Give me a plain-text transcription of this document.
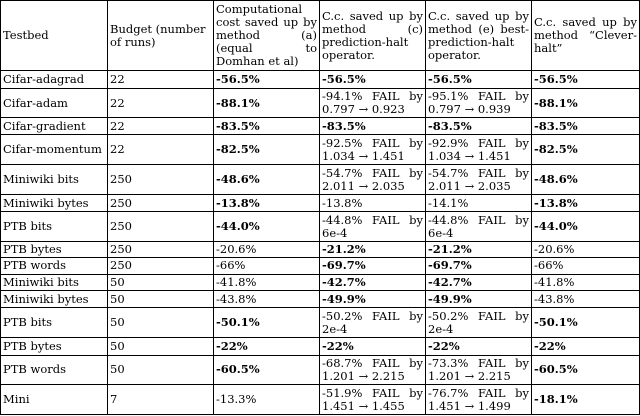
Testbed	Budget (number of runs)	Computational cost saved up by method (a) (equal to Domhan et al)	C.c. saved up by method (c) prediction-halt operator.	C.c. saved up by method (e) best-prediction-halt operator.	C.c. saved up by method “Clever-halt”
Cifar-adagrad	22	-56.5%	-56.5%	-56.5%	-56.5%
Cifar-adam	22	-88.1%	-94.1% FAIL by 0.797 → 0.923	-95.1% FAIL by 0.797 → 0.939	-88.1%
Cifar-gradient	22	-83.5%	-83.5%	-83.5%	-83.5%
Cifar-momentum	22	-82.5%	-92.5% FAIL by 1.034 → 1.451	-92.9% FAIL by 1.034 → 1.451	-82.5%
Miniwiki bits	250	-48.6%	-54.7% FAIL by 2.011 → 2.035	-54.7% FAIL by 2.011 → 2.035	-48.6%
Miniwiki bytes	250	-13.8%	-13.8%	-14.1%	-13.8%
PTB bits	250	-44.0%	-44.8% FAIL by 6e-4	-44.8% FAIL by 6e-4	-44.0%
PTB bytes	250	-20.6%	-21.2%	-21.2%	-20.6%
PTB words	250	-66%	-69.7%	-69.7%	-66%
Miniwiki bits	50	-41.8%	-42.7%	-42.7%	-41.8%
Miniwiki bytes	50	-43.8%	-49.9%	-49.9%	-43.8%
PTB bits	50	-50.1%	-50.2% FAIL by 2e-4	-50.2% FAIL by 2e-4	-50.1%
PTB bytes	50	-22%	-22%	-22%	-22%
PTB words	50	-60.5%	-68.7% FAIL by 1.201 → 2.215	-73.3% FAIL by 1.201 → 2.215	-60.5%
Mini	7	-13.3%	-51.9% FAIL by 1.451 → 1.455	-76.7% FAIL by 1.451 → 1.499	-18.1%
